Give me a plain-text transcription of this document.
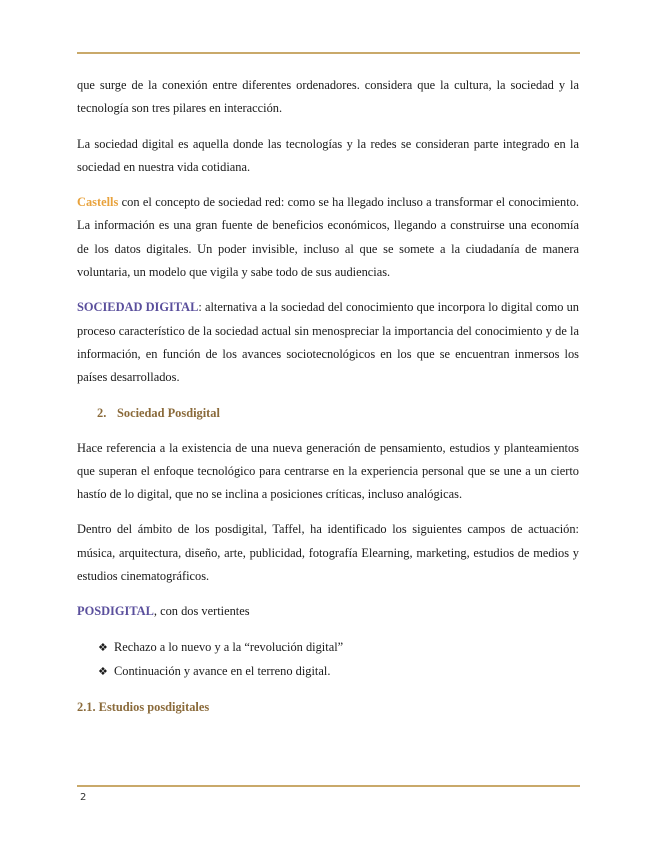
que surge de la conexión entre diferentes ordenadores. considera que la cultura, la sociedad y la tecnología son tres pilares en interacción.

La sociedad digital es aquella donde las tecnologías y la redes se consideran parte integrado en la sociedad en nuestra vida cotidiana.

Castells con el concepto de sociedad red: como se ha llegado incluso a transformar el conocimiento. La información es una gran fuente de beneficios económicos, llegando a construirse una economía de los datos digitales. Un poder invisible, incluso al que se somete a la ciudadanía de manera voluntaria, un modelo que vigila y sabe todo de sus audiencias.

SOCIEDAD DIGITAL: alternativa a la sociedad del conocimiento que incorpora lo digital como un proceso característico de la sociedad actual sin menospreciar la importancia del conocimiento y de la información, en función de los avances sociotecnológicos en los que se encuentran inmersos los países desarrollados.

2. Sociedad Posdigital

Hace referencia a la existencia de una nueva generación de pensamiento, estudios y planteamientos que superan el enfoque tecnológico para centrarse en la experiencia personal que se une a un cierto hastío de lo digital, que no se inclina a posiciones críticas, incluso analógicas.

Dentro del ámbito de los posdigital, Taffel, ha identificado los siguientes campos de actuación: música, arquitectura, diseño, arte, publicidad, fotografía Elearning, marketing, estudios de medios y estudios cinematográficos.

POSDIGITAL, con dos vertientes

❖ Rechazo a lo nuevo y a la “revolución digital”
❖ Continuación y avance en el terreno digital.
2.1. Estudios posdigitales
2
